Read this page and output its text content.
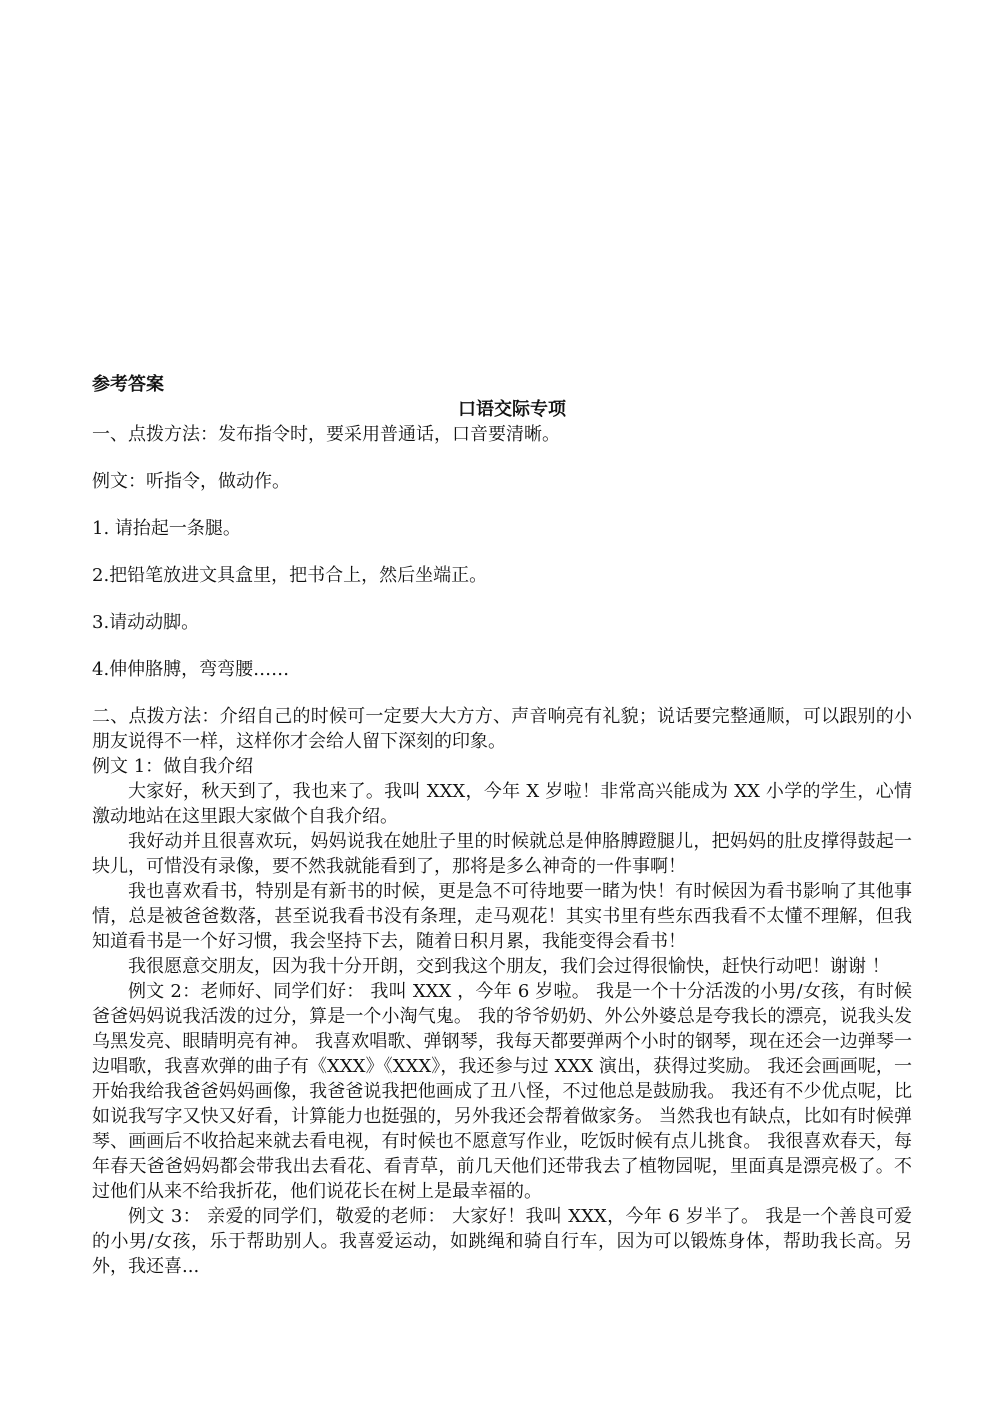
参考答案
口语交际专项

一、点拨方法：发布指令时，要采用普通话，口音要清晰。

例文：听指令，做动作。

1. 请抬起一条腿。

2.把铅笔放进文具盒里，把书合上，然后坐端正。

3.请动动脚。

4.伸伸胳膊，弯弯腰……

二、点拨方法：介绍自己的时候可一定要大大方方、声音响亮有礼貌；说话要完整通顺，可以跟别的小朋友说得不一样，这样你才会给人留下深刻的印象。

例文 1：做自我介绍

大家好，秋天到了，我也来了。我叫 XXX，今年 X 岁啦！非常高兴能成为 XX 小学的学生，心情激动地站在这里跟大家做个自我介绍。

我好动并且很喜欢玩，妈妈说我在她肚子里的时候就总是伸胳膊蹬腿儿，把妈妈的肚皮撑得鼓起一块儿，可惜没有录像，要不然我就能看到了，那将是多么神奇的一件事啊！

我也喜欢看书，特别是有新书的时候，更是急不可待地要一睹为快！有时候因为看书影响了其他事情，总是被爸爸数落，甚至说我看书没有条理，走马观花！其实书里有些东西我看不太懂不理解，但我知道看书是一个好习惯，我会坚持下去，随着日积月累，我能变得会看书！

我很愿意交朋友，因为我十分开朗，交到我这个朋友，我们会过得很愉快，赶快行动吧！谢谢 ！

例文 2：老师好、同学们好： 我叫 XXX ，今年 6 岁啦。 我是一个十分活泼的小男/女孩，有时候爸爸妈妈说我活泼的过分，算是一个小淘气鬼。 我的爷爷奶奶、外公外婆总是夸我长的漂亮，说我头发乌黑发亮、眼睛明亮有神。 我喜欢唱歌、弹钢琴，我每天都要弹两个小时的钢琴，现在还会一边弹琴一边唱歌，我喜欢弹的曲子有《XXX》《XXX》，我还参与过 XXX 演出，获得过奖励。 我还会画画呢，一开始我给我爸爸妈妈画像，我爸爸说我把他画成了丑八怪，不过他总是鼓励我。 我还有不少优点呢，比如说我写字又快又好看，计算能力也挺强的，另外我还会帮着做家务。 当然我也有缺点，比如有时候弹琴、画画后不收拾起来就去看电视，有时候也不愿意写作业，吃饭时候有点儿挑食。 我很喜欢春天，每年春天爸爸妈妈都会带我出去看花、看青草，前几天他们还带我去了植物园呢，里面真是漂亮极了。不过他们从来不给我折花，他们说花长在树上是最幸福的。

例文 3： 亲爱的同学们，敬爱的老师： 大家好！我叫 XXX，今年 6 岁半了。 我是一个善良可爱的小男/女孩，乐于帮助别人。我喜爱运动，如跳绳和骑自行车，因为可以锻炼身体，帮助我长高。另外，我还喜...
